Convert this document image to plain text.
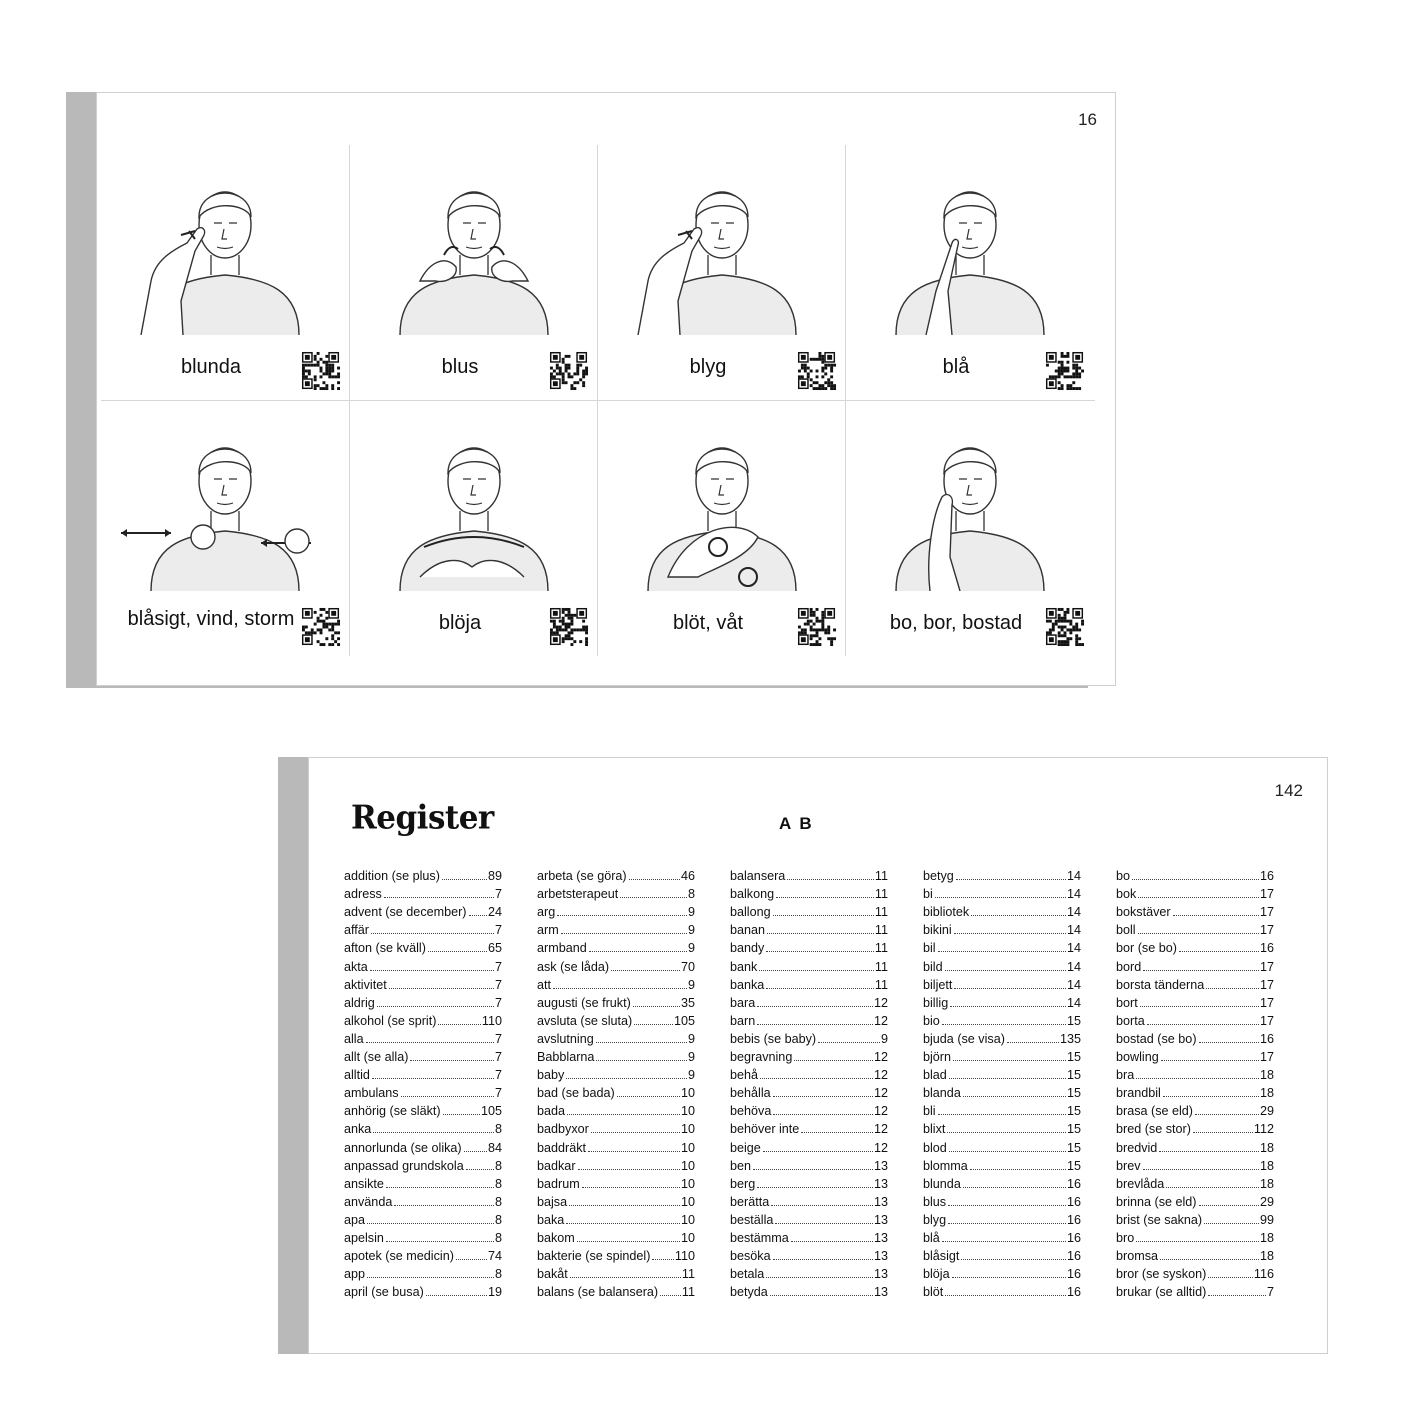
16
blunda	blus	blyg	blå
blåsigt, vind, storm	blöja	blöt, våt	bo, bor, bostad
142
Register	A B
addition (se plus)	89
adress	7
advent (se december) 24
affär	7
afton (se kväll)	65
akta	7
aktivitet	7
aldrig	7
alkohol (se sprit)	110
alla	7
allt (se alla)	7
alltid	7
ambulans	7
anhörig (se släkt)	105
anka	8
annorlunda (se olika) 84
anpassad grundskola 8
ansikte	8
använda	8
apa	8
apelsin	8
apotek (se medicin)	74
app	8
april (se busa)	19
arbeta (se göra)	46
arbetsterapeut	8
arg	9
arm	9
armband	9
ask (se låda)	70
att	9
augusti (se frukt)	35
avsluta (se sluta)	105
avslutning	9
Babblarna	9
baby	9
bad (se bada)	10
bada	10
badbyxor	10
baddräkt	10
badkar	10
badrum	10
bajsa	10
baka	10
bakom	10
bakterie (se spindel) 110
bakåt	11
balans (se balansera) 11
balansera	11
balkong	11
ballong	11
banan	11
bandy	11
bank	11
banka	11
bara	12
barn	12
bebis (se baby)	9
begravning	12
behå	12
behålla	12
behöva	12
behöver inte	12
beige	12
ben	13
berg	13
berätta	13
beställa	13
bestämma	13
besöka	13
betala	13
betyda	13
betyg	14
bi	14
bibliotek	14
bikini	14
bil	14
bild	14
biljett	14
billig	14
bio	15
bjuda (se visa)	135
björn	15
blad	15
blanda	15
bli	15
blixt	15
blod	15
blomma	15
blunda	16
blus	16
blyg	16
blå	16
blåsigt	16
blöja	16
blöt	16
bo	16
bok	17
bokstäver	17
boll	17
bor (se bo)	16
bord	17
borsta tänderna	17
bort	17
borta	17
bostad (se bo)	16
bowling	17
bra	18
brandbil	18
brasa (se eld)	29
bred (se stor)	112
bredvid	18
brev	18
brevlåda	18
brinna (se eld)	29
brist (se sakna)	99
bro	18
bromsa	18
bror (se syskon)	116
brukar (se alltid)	7
